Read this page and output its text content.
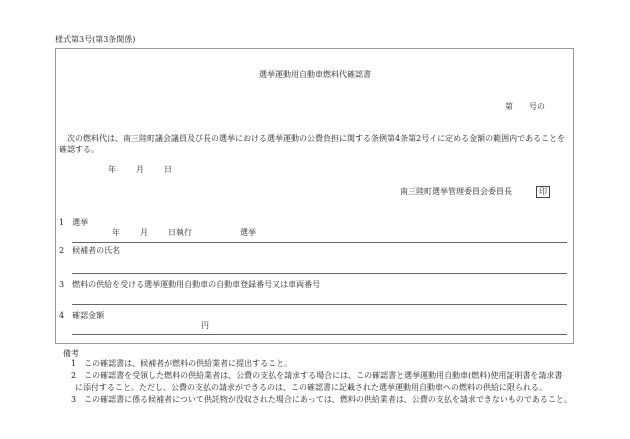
様式第3号(第3条関係)
選挙運動用自動車燃料代確認書
第 号の
　次の燃料代は、南三陸町議会議員及び長の選挙における選挙運動の公費負担に関する条例第4条第2号イに定める金額の範囲内であることを
確認する。
年	月	日
南三陸町選挙管理委員会委員長	印
1　 選挙
年	月	日執行	選挙
2　 候補者の氏名
3　 燃料の供給を受ける選挙運動用自動車の自動車登録番号又は車両番号
4　 確認金額
円
備考
1　 この確認書は、候補者が燃料の供給業者に提出すること。
2　 この確認書を受領した燃料の供給業者は、公費の支払を請求する場合には、この確認書と選挙運動用自動車(燃料)使用証明書を請求書
に添付すること。ただし、公費の支払の請求ができるのは、この確認書に記載された選挙運動用自動車への燃料の供給に限られる。
3　 この確認書に係る候補者について供託物が没収された場合にあっては、燃料の供給業者は、公費の支払を請求できないものであること。
